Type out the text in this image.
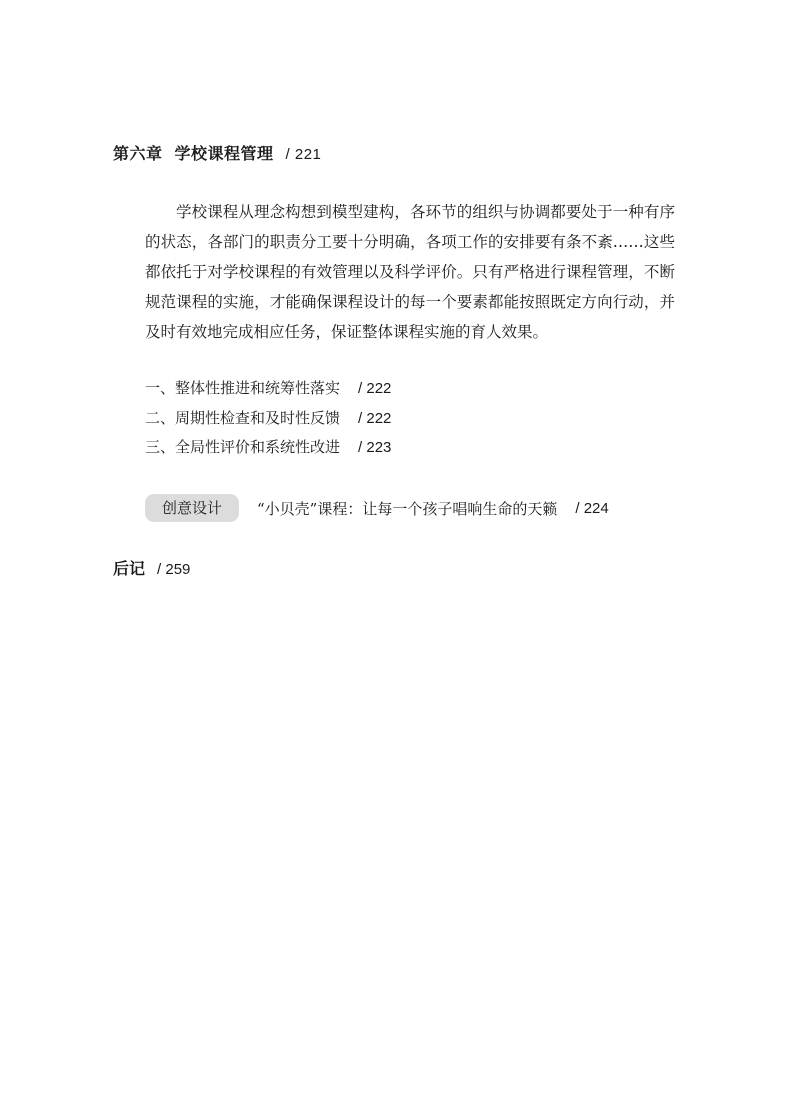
第六章 学校课程管理 / 221

学校课程从理念构想到模型建构，各环节的组织与协调都要处于一种有序的状态，各部门的职责分工要十分明确，各项工作的安排要有条不紊……这些都依托于对学校课程的有效管理以及科学评价。只有严格进行课程管理，不断规范课程的实施，才能确保课程设计的每一个要素都能按照既定方向行动，并及时有效地完成相应任务，保证整体课程实施的育人效果。

一、整体性推进和统筹性落实 / 222
二、周期性检查和及时性反馈 / 222
三、全局性评价和系统性改进 / 223
创意设计	“小贝壳”课程：让每一个孩子唱响生命的天籁 / 224
后记 / 259
